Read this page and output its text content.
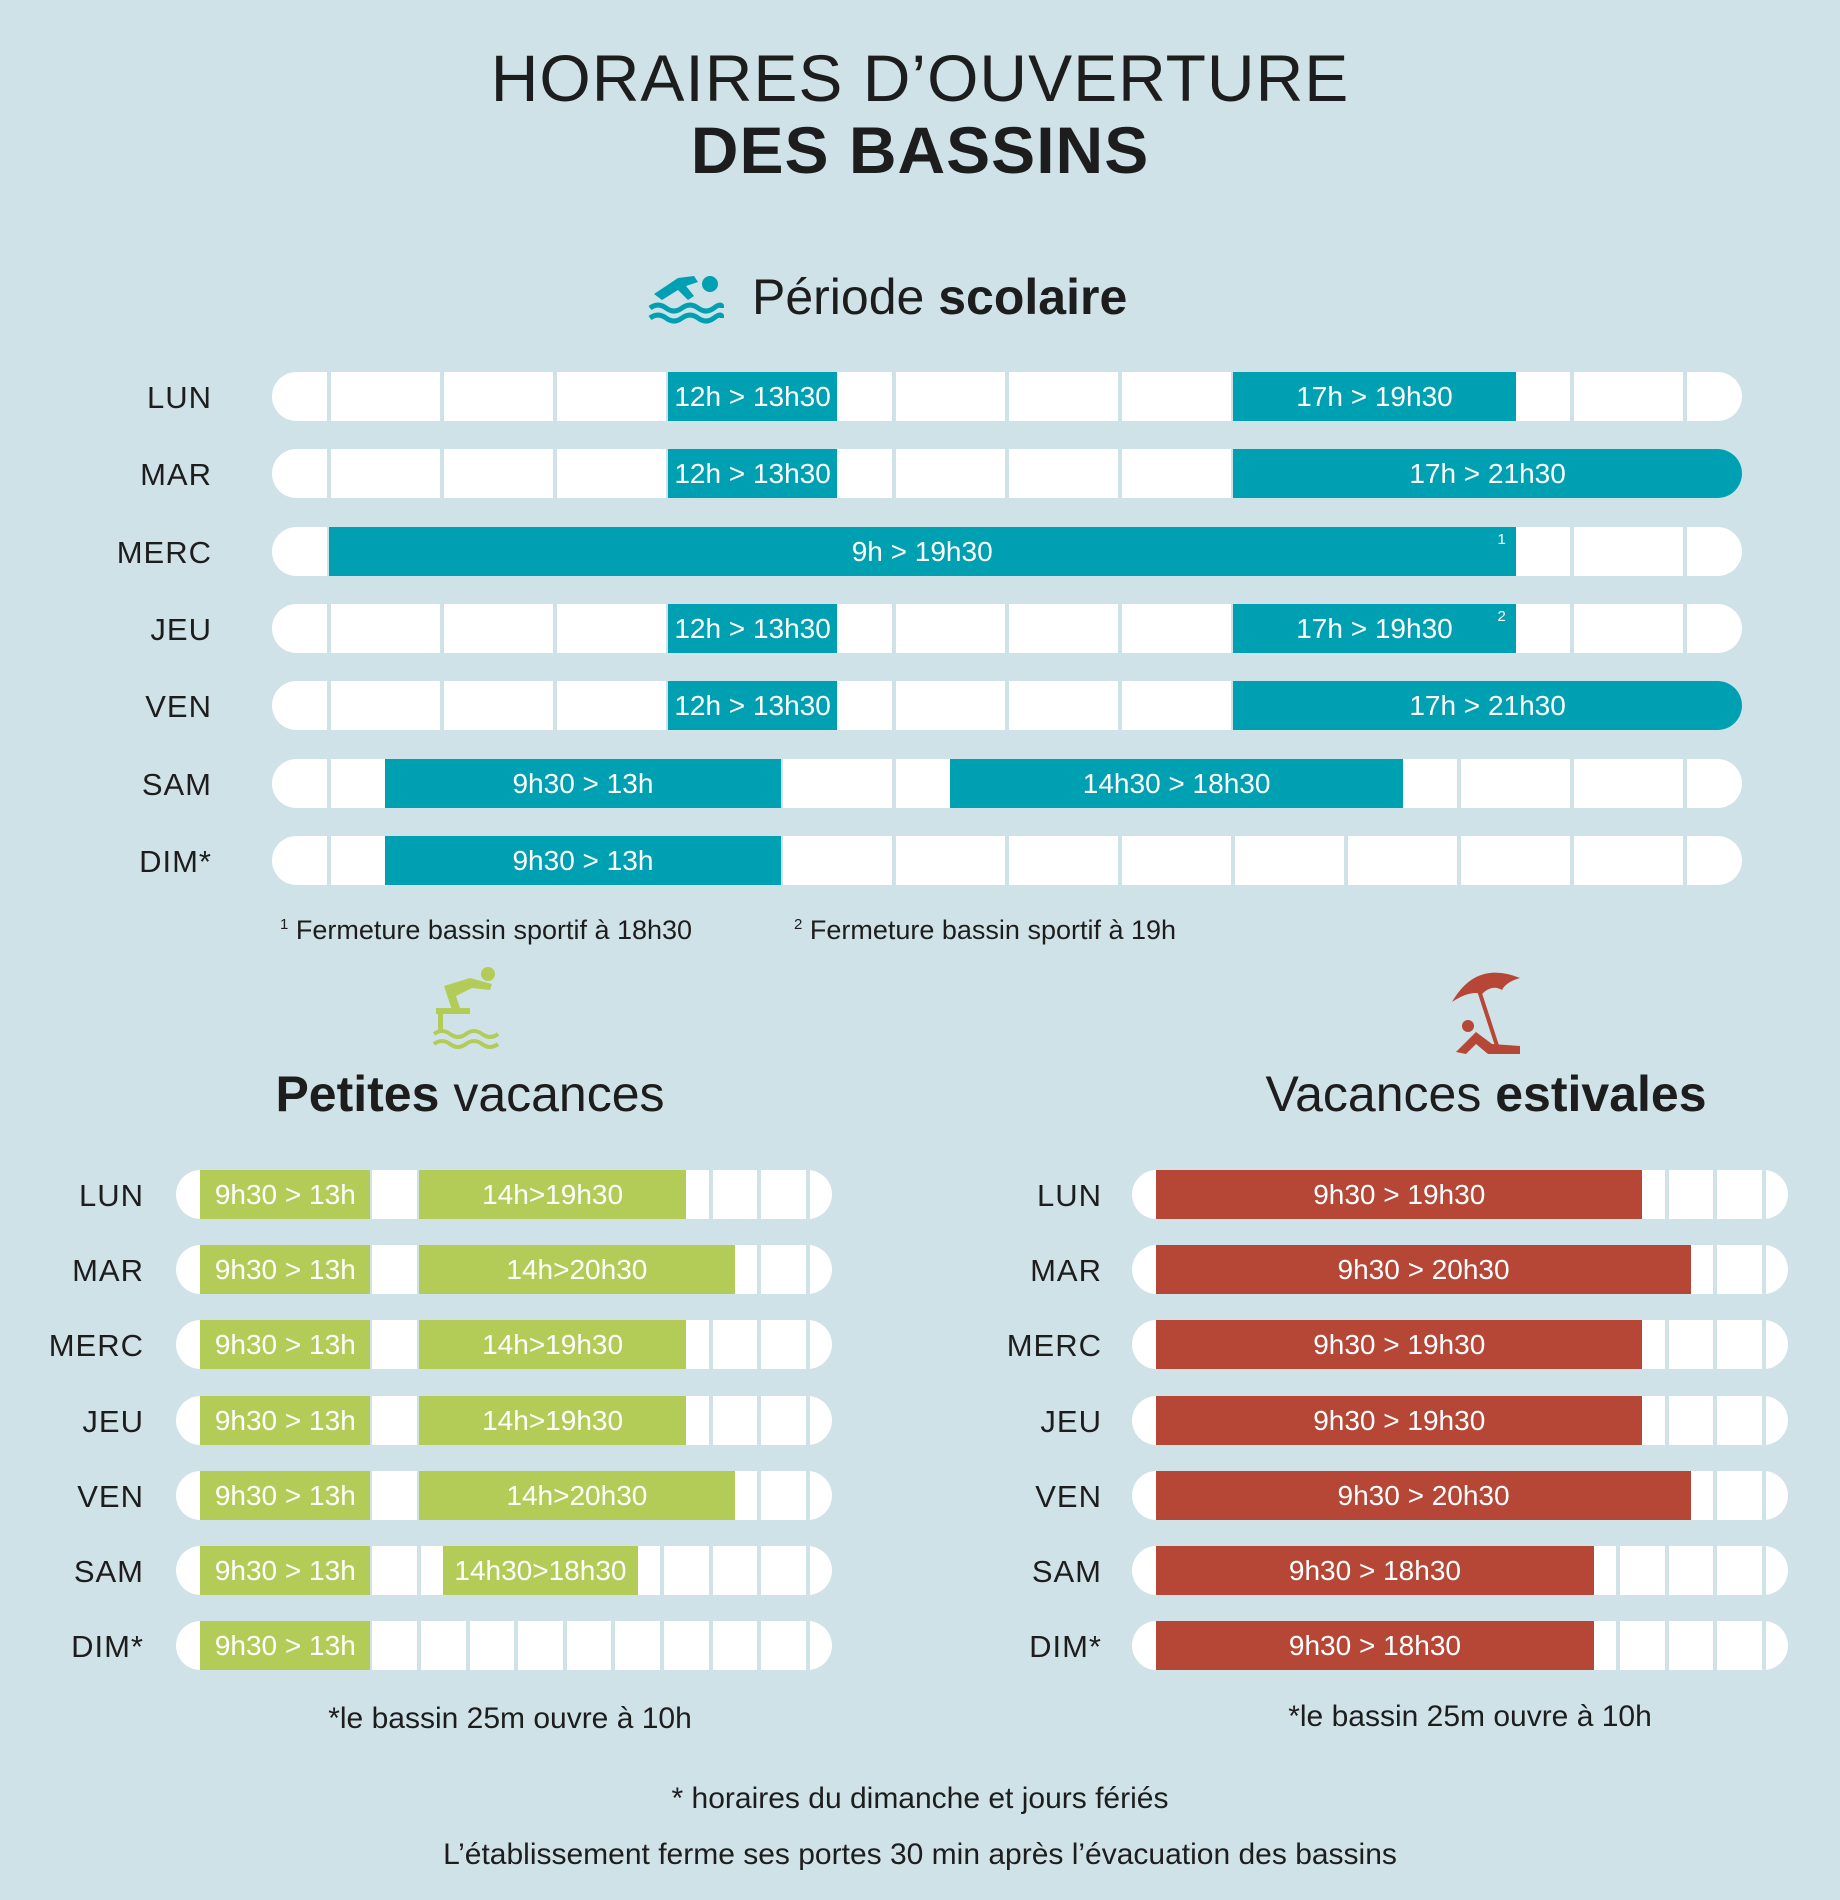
HORAIRES D’OUVERTURE
DES BASSINS
Période scolaire
LUN	12h > 13h30	17h > 19h30
MAR	12h > 13h30	17h > 21h30
MERC	9h > 19h30	1
JEU	12h > 13h30	17h > 19h30	2
VEN	12h > 13h30	17h > 21h30
SAM	9h30 > 13h	14h30 > 18h30
DIM*	9h30 > 13h
$^1$ Fermeture bassin sportif à 18h30	$^2$ Fermeture bassin sportif à 19h
Petites vacances	Vacances estivales
LUN	9h30 > 13h	14h>19h30
MAR	9h30 > 13h	14h>20h30
MERC	9h30 > 13h	14h>19h30
JEU	9h30 > 13h	14h>19h30
VEN	9h30 > 13h	14h>20h30
SAM	9h30 > 13h	14h30>18h30
DIM*	9h30 > 13h
LUN	9h30 > 19h30
MAR	9h30 > 20h30
MERC	9h30 > 19h30
JEU	9h30 > 19h30
VEN	9h30 > 20h30
SAM	9h30 > 18h30
DIM*	9h30 > 18h30
*le bassin 25m ouvre à 10h	*le bassin 25m ouvre à 10h
* horaires du dimanche et jours fériés
L’établissement ferme ses portes 30 min après l’évacuation des bassins
